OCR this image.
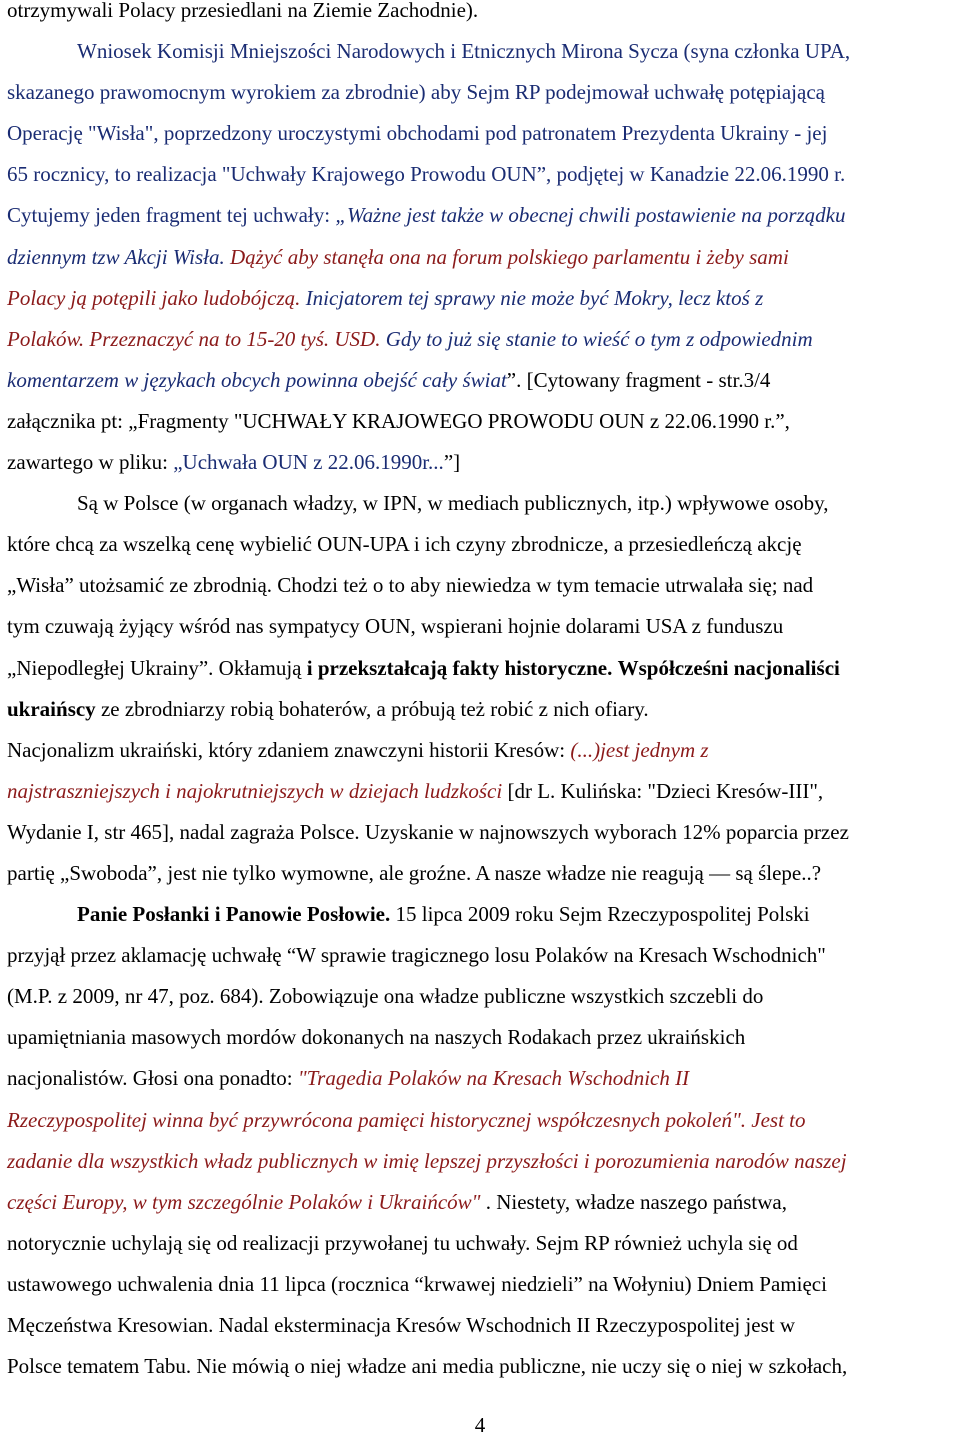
otrzymywali Polacy przesiedlani na Ziemie Zachodnie).
Wniosek Komisji Mniejszości Narodowych i Etnicznych Mirona Sycza (syna członka UPA,
skazanego prawomocnym wyrokiem za zbrodnie) aby Sejm RP podejmował uchwałę potępiającą
Operację "Wisła", poprzedzony uroczystymi obchodami pod patronatem Prezydenta Ukrainy - jej
65 rocznicy, to realizacja "Uchwały Krajowego Prowodu OUN”, podjętej w Kanadzie 22.06.1990 r.
Cytujemy jeden fragment tej uchwały: „Ważne jest także w obecnej chwili postawienie na porządku
dziennym tzw Akcji Wisła. Dążyć aby stanęła ona na forum polskiego parlamentu i żeby sami
Polacy ją potępili jako ludobójczą. Inicjatorem tej sprawy nie może być Mokry, lecz ktoś z
Polaków. Przeznaczyć na to 15-20 tyś. USD. Gdy to już się stanie to wieść o tym z odpowiednim
komentarzem w językach obcych powinna obejść cały świat”. [Cytowany fragment - str.3/4
załącznika pt: „Fragmenty "UCHWAŁY KRAJOWEGO PROWODU OUN z 22.06.1990 r.”,
zawartego w pliku: „Uchwała OUN z 22.06.1990r...”]
Są w Polsce (w organach władzy, w IPN, w mediach publicznych, itp.) wpływowe osoby,
które chcą za wszelką cenę wybielić OUN-UPA i ich czyny zbrodnicze, a przesiedleńczą akcję
„Wisła” utożsamić ze zbrodnią. Chodzi też o to aby niewiedza w tym temacie utrwalała się; nad
tym czuwają żyjący wśród nas sympatycy OUN, wspierani hojnie dolarami USA z funduszu
„Niepodległej Ukrainy”. Okłamują i przekształcają fakty historyczne. Współcześni nacjonaliści
ukraińscy ze zbrodniarzy robią bohaterów, a próbują też robić z nich ofiary.
Nacjonalizm ukraiński, który zdaniem znawczyni historii Kresów: (...)jest jednym z
najstraszniejszych i najokrutniejszych w dziejach ludzkości [dr L. Kulińska: "Dzieci Kresów-III",
Wydanie I, str 465], nadal zagraża Polsce. Uzyskanie w najnowszych wyborach 12% poparcia przez
partię „Swoboda”, jest nie tylko wymowne, ale groźne. A nasze władze nie reagują — są ślepe..?
Panie Posłanki i Panowie Posłowie. 15 lipca 2009 roku Sejm Rzeczypospolitej Polski
przyjął przez aklamację uchwałę “W sprawie tragicznego losu Polaków na Kresach Wschodnich"
(M.P. z 2009, nr 47, poz. 684). Zobowiązuje ona władze publiczne wszystkich szczebli do
upamiętniania masowych mordów dokonanych na naszych Rodakach przez ukraińskich
nacjonalistów. Głosi ona ponadto: "Tragedia Polaków na Kresach Wschodnich II
Rzeczypospolitej winna być przywrócona pamięci historycznej współczesnych pokoleń". Jest to
zadanie dla wszystkich władz publicznych w imię lepszej przyszłości i porozumienia narodów naszej
części Europy, w tym szczególnie Polaków i Ukraińców" . Niestety, władze naszego państwa,
notorycznie uchylają się od realizacji przywołanej tu uchwały. Sejm RP również uchyla się od
ustawowego uchwalenia dnia 11 lipca (rocznica “krwawej niedzieli” na Wołyniu) Dniem Pamięci
Męczeństwa Kresowian. Nadal eksterminacja Kresów Wschodnich II Rzeczypospolitej jest w
Polsce tematem Tabu. Nie mówią o niej władze ani media publiczne, nie uczy się o niej w szkołach,
4
